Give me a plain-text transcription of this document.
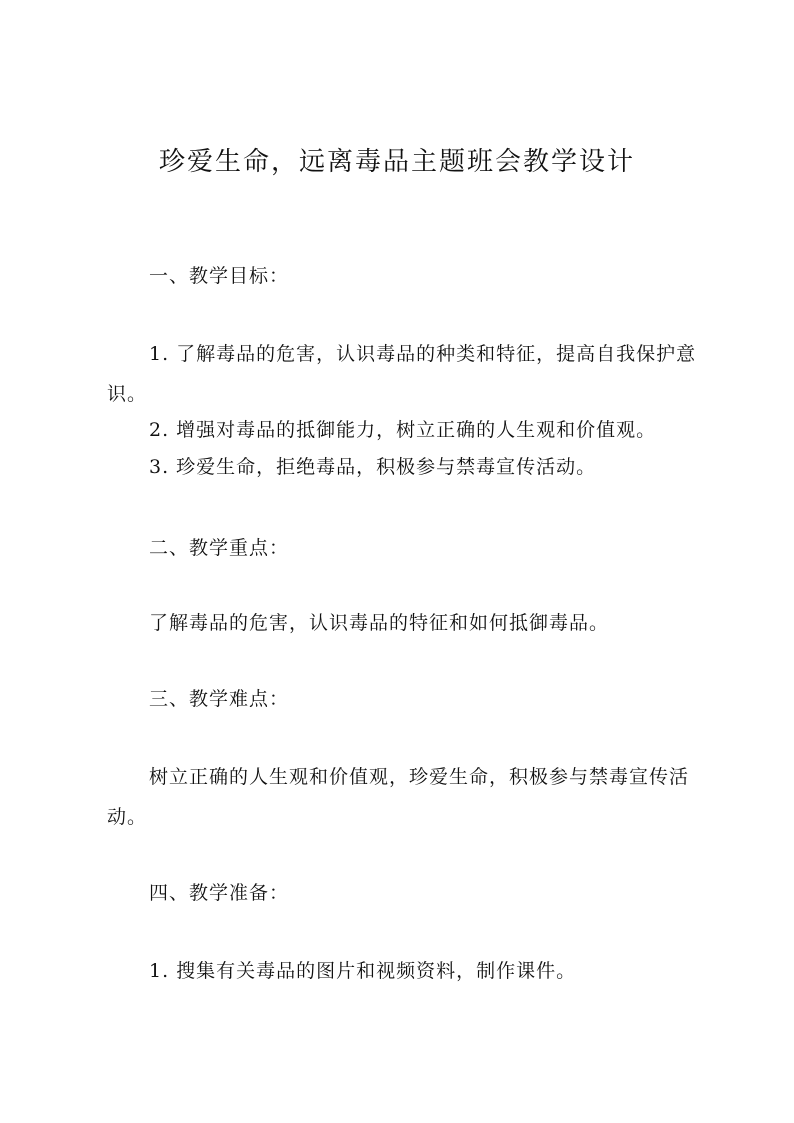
珍爱生命，远离毒品主题班会教学设计

一、教学目标：

1. 了解毒品的危害，认识毒品的种类和特征，提高自我保护意识。

2. 增强对毒品的抵御能力，树立正确的人生观和价值观。

3. 珍爱生命，拒绝毒品，积极参与禁毒宣传活动。

二、教学重点：

了解毒品的危害，认识毒品的特征和如何抵御毒品。

三、教学难点：

树立正确的人生观和价值观，珍爱生命，积极参与禁毒宣传活动。

四、教学准备：

1. 搜集有关毒品的图片和视频资料，制作课件。
